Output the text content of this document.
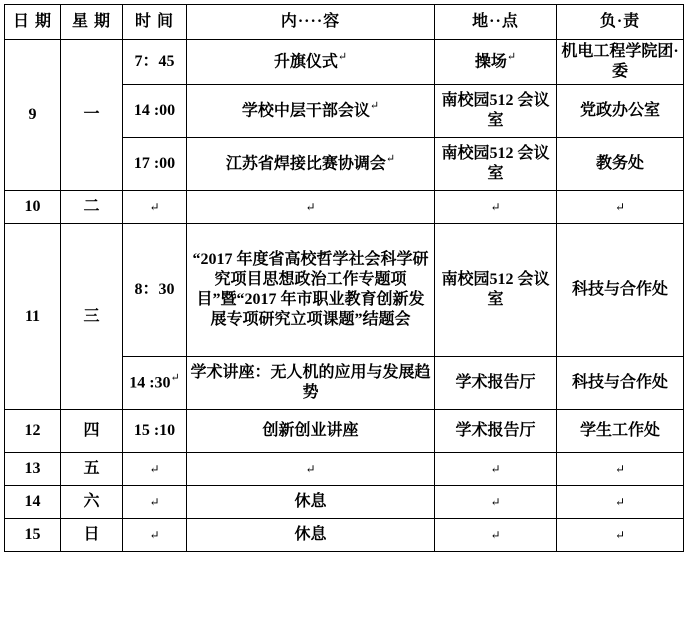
日 期	星 期	时 间	内····容	地··点	负·责
9	一	7：45	升旗仪式↵	操场↵	机电工程学院团·委
		14 :00	学校中层干部会议↵	南校园512 会议室	党政办公室
		17 :00	江苏省焊接比赛协调会↵	南校园512 会议室	教务处
10	二	↵	↵	↵	↵
11	三	8：30	“2017 年度省高校哲学社会科学研究项目思想政治工作专题项目”暨“2017 年市职业教育创新发展专项研究立项课题”结题会	南校园512 会议室	科技与合作处
		14 :30↵	学术讲座：无人机的应用与发展趋势	学术报告厅	科技与合作处
12	四	15 :10	创新创业讲座	学术报告厅	学生工作处
13	五	↵	↵	↵	↵
14	六	↵	休息	↵	↵
15	日	↵	休息	↵	↵
